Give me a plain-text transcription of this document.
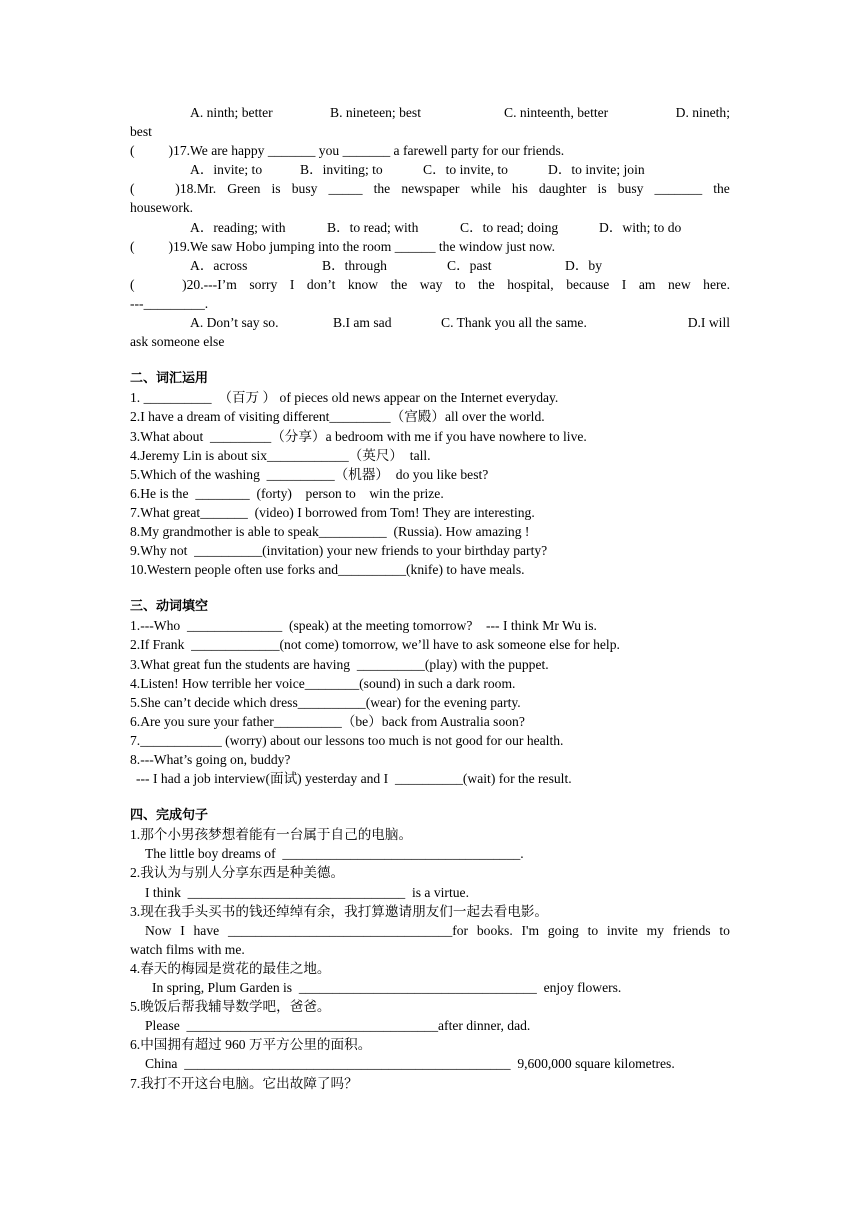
A. ninth; better	B. nineteen; best	C. ninteenth, better	D. nineth;
best
(          )17.We are happy _______ you _______ a farewell party for our friends.
A．invite; to	B．inviting; to	C．to invite, to	D．to invite; join
(            )18.Mr. Green is busy _____ the newspaper while his daughter is busy _______ the
housework.
A．reading; with	B．to read; with	C．to read; doing	D．with; to do
(          )19.We saw Hobo jumping into the room ______ the window just now.
A．across	B．through	C．past	D．by
(              )20.---I’m sorry I don’t know the way to the hospital, because I am new here.
---_________.
A. Don’t say so.	B.I am sad	C. Thank you all the same.	D.I will
ask someone else
二、词汇运用
1. __________  （百万 ） of pieces old news appear on the Internet everyday.
2.I have a dream of visiting different_________（宫殿）all over the world.
3.What about  _________（分享）a bedroom with me if you have nowhere to live.
4.Jeremy Lin is about six____________（英尺）  tall.
5.Which of the washing  __________（机器）  do you like best?
6.He is the  ________  (forty)    person to    win the prize.
7.What great_______  (video) I borrowed from Tom! They are interesting.
8.My grandmother is able to speak__________  (Russia). How amazing !
9.Why not  __________(invitation) your new friends to your birthday party?
10.Western people often use forks and__________(knife) to have meals.
三、动词填空
1.---Who  ______________  (speak) at the meeting tomorrow?    --- I think Mr Wu is.
2.If Frank  _____________(not come) tomorrow, we’ll have to ask someone else for help.
3.What great fun the students are having  __________(play) with the puppet.
4.Listen! How terrible her voice________(sound) in such a dark room.
5.She can’t decide which dress__________(wear) for the evening party.
6.Are you sure your father__________（be）back from Australia soon?
7.____________ (worry) about our lessons too much is not good for our health.
8.---What’s going on, buddy?
--- I had a job interview(面试) yesterday and I  __________(wait) for the result.
四、完成句子
1.那个小男孩梦想着能有一台属于自己的电脑。
The little boy dreams of  ___________________________________.
2.我认为与别人分享东西是种美德。
I think  ________________________________  is a virtue.
3.现在我手头买书的钱还绰绰有余，我打算邀请朋友们一起去看电影。
Now I have _________________________________for books. I'm going to invite my friends to
watch films with me.
4.春天的梅园是赏花的最佳之地。
In spring, Plum Garden is  ___________________________________  enjoy flowers.
5.晚饭后帮我辅导数学吧，爸爸。
Please  _____________________________________after dinner, dad.
6.中国拥有超过 960 万平方公里的面积。
China  ________________________________________________  9,600,000 square kilometres.
7.我打不开这台电脑。它出故障了吗？
